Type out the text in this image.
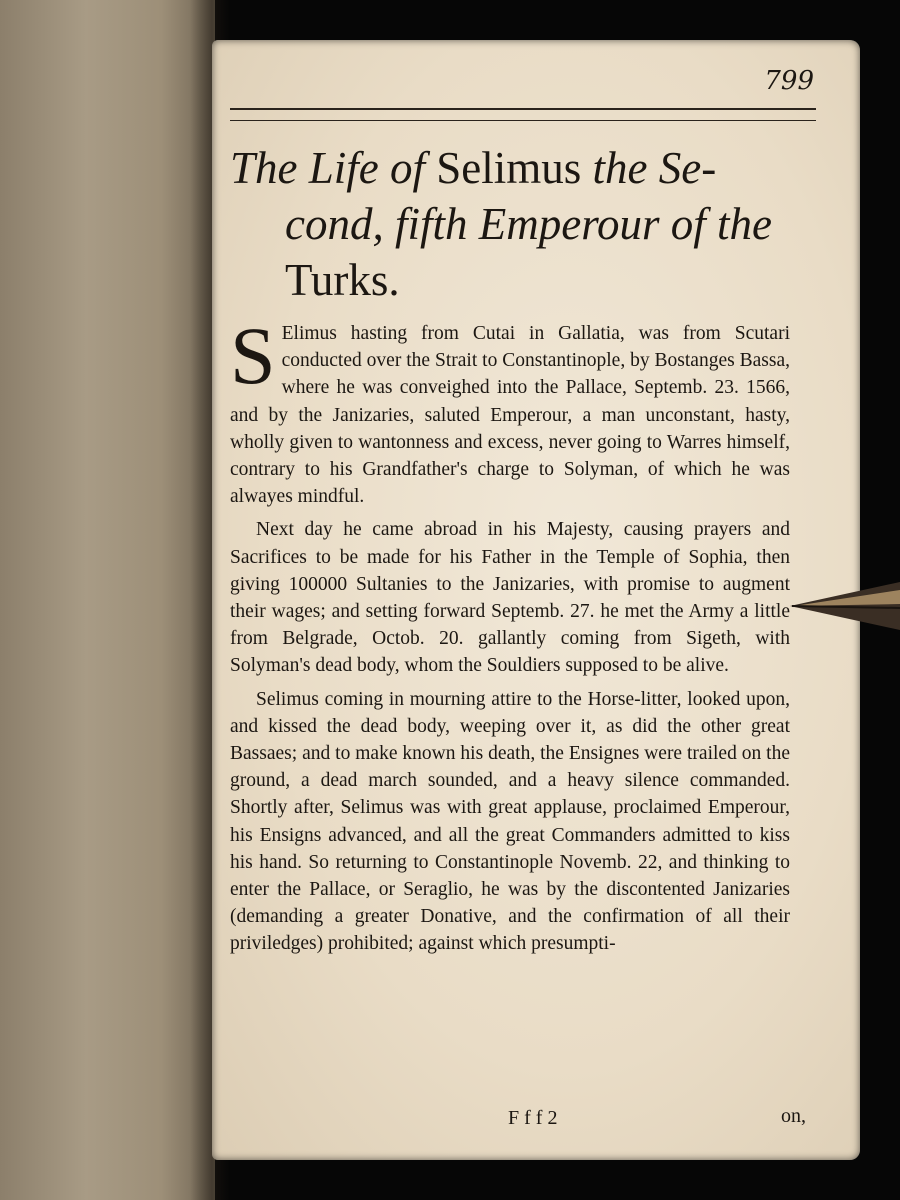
799
The Life of Selimus the Se-
cond, fifth Emperour of the
Turks.

S Elimus hasting from Cutai in Gallatia, was from Scutari conducted over the Strait to Constantinople, by Bostanges Bassa, where he was conveighed into the Pallace, Septemb. 23. 1566, and by the Janizaries, saluted Emperour, a man unconstant, hasty, wholly given to wantonness and excess, never going to Warres himself, contrary to his Grandfather's charge to Solyman, of which he was alwayes mindful.

Next day he came abroad in his Majesty, causing prayers and Sacrifices to be made for his Father in the Temple of Sophia, then giving 100000 Sultanies to the Janizaries, with promise to augment their wages; and setting forward Septemb. 27. he met the Army a little from Belgrade, Octob. 20. gallantly coming from Sigeth, with Solyman's dead body, whom the Souldiers supposed to be alive.

Selimus coming in mourning attire to the Horse-litter, looked upon, and kissed the dead body, weeping over it, as did the other great Bassaes; and to make known his death, the Ensignes were trailed on the ground, a dead march sounded, and a heavy silence commanded. Shortly after, Selimus was with great applause, proclaimed Emperour, his Ensigns advanced, and all the great Commanders admitted to kiss his hand. So returning to Constantinople Novemb. 22, and thinking to enter the Pallace, or Seraglio, he was by the discontented Janizaries (demanding a greater Donative, and the confirmation of all their priviledges) prohibited; against which presumpti-

F f f 2	on,
